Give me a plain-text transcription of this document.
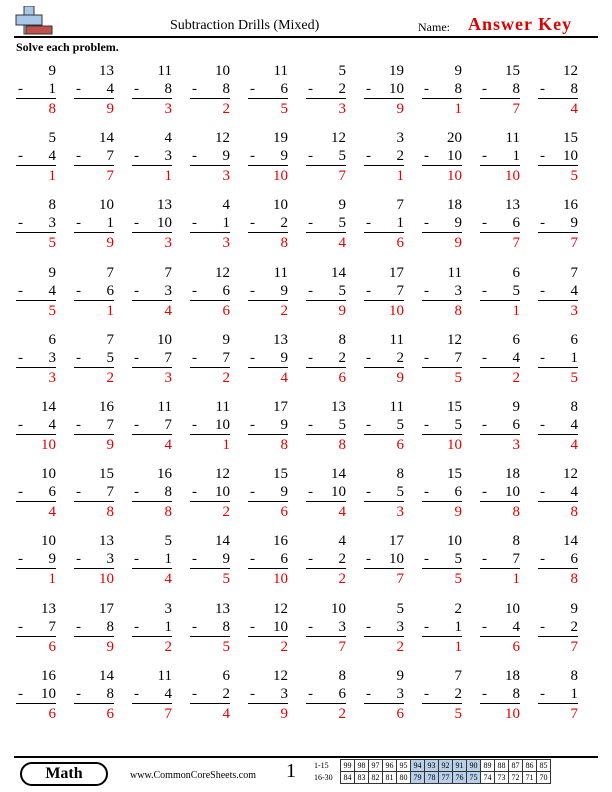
Subtraction Drills (Mixed)	Name: Answer Key
Solve each problem.
9
- 1
8
13
- 4
9
11
- 8
3
10
- 8
2
11
- 6
5
5
- 2
3
19
- 10
9
9
- 8
1
15
- 8
7
12
- 8
4
5
- 4
1
14
- 7
7
4
- 3
1
12
- 9
3
19
- 9
10
12
- 5
7
3
- 2
1
20
- 10
10
11
- 1
10
15
- 10
5
8
- 3
5
10
- 1
9
13
- 10
3
4
- 1
3
10
- 2
8
9
- 5
4
7
- 1
6
18
- 9
9
13
- 6
7
16
- 9
7
9
- 4
5
7
- 6
1
7
- 3
4
12
- 6
6
11
- 9
2
14
- 5
9
17
- 7
10
11
- 3
8
6
- 5
1
7
- 4
3
6
- 3
3
7
- 5
2
10
- 7
3
9
- 7
2
13
- 9
4
8
- 2
6
11
- 2
9
12
- 7
5
6
- 4
2
6
- 1
5
14
- 4
10
16
- 7
9
11
- 7
4
11
- 10
1
17
- 9
8
13
- 5
8
11
- 5
6
15
- 5
10
9
- 6
3
8
- 4
4
10
- 6
4
15
- 7
8
16
- 8
8
12
- 10
2
15
- 9
6
14
- 10
4
8
- 5
3
15
- 6
9
18
- 10
8
12
- 4
8
10
- 9
1
13
- 3
10
5
- 1
4
14
- 9
5
16
- 6
10
4
- 2
2
17
- 10
7
10
- 5
5
8
- 7
1
14
- 6
8
13
- 7
6
17
- 8
9
3
- 1
2
13
- 8
5
12
- 10
2
10
- 3
7
5
- 3
2
2
- 1
1
10
- 4
6
9
- 2
7
16
- 10
6
14
- 8
6
11
- 4
7
6
- 2
4
12
- 3
9
8
- 6
2
9
- 3
6
7
- 2
5
18
- 8
10
8
- 1
7
Math	www.CommonCoreSheets.com 1 1-15
16-30
99	98	97	96	95	94	93	92	91	90	89	88	87	86	85
84	83	82	81	80	79	78	77	76	75	74	73	72	71	70
